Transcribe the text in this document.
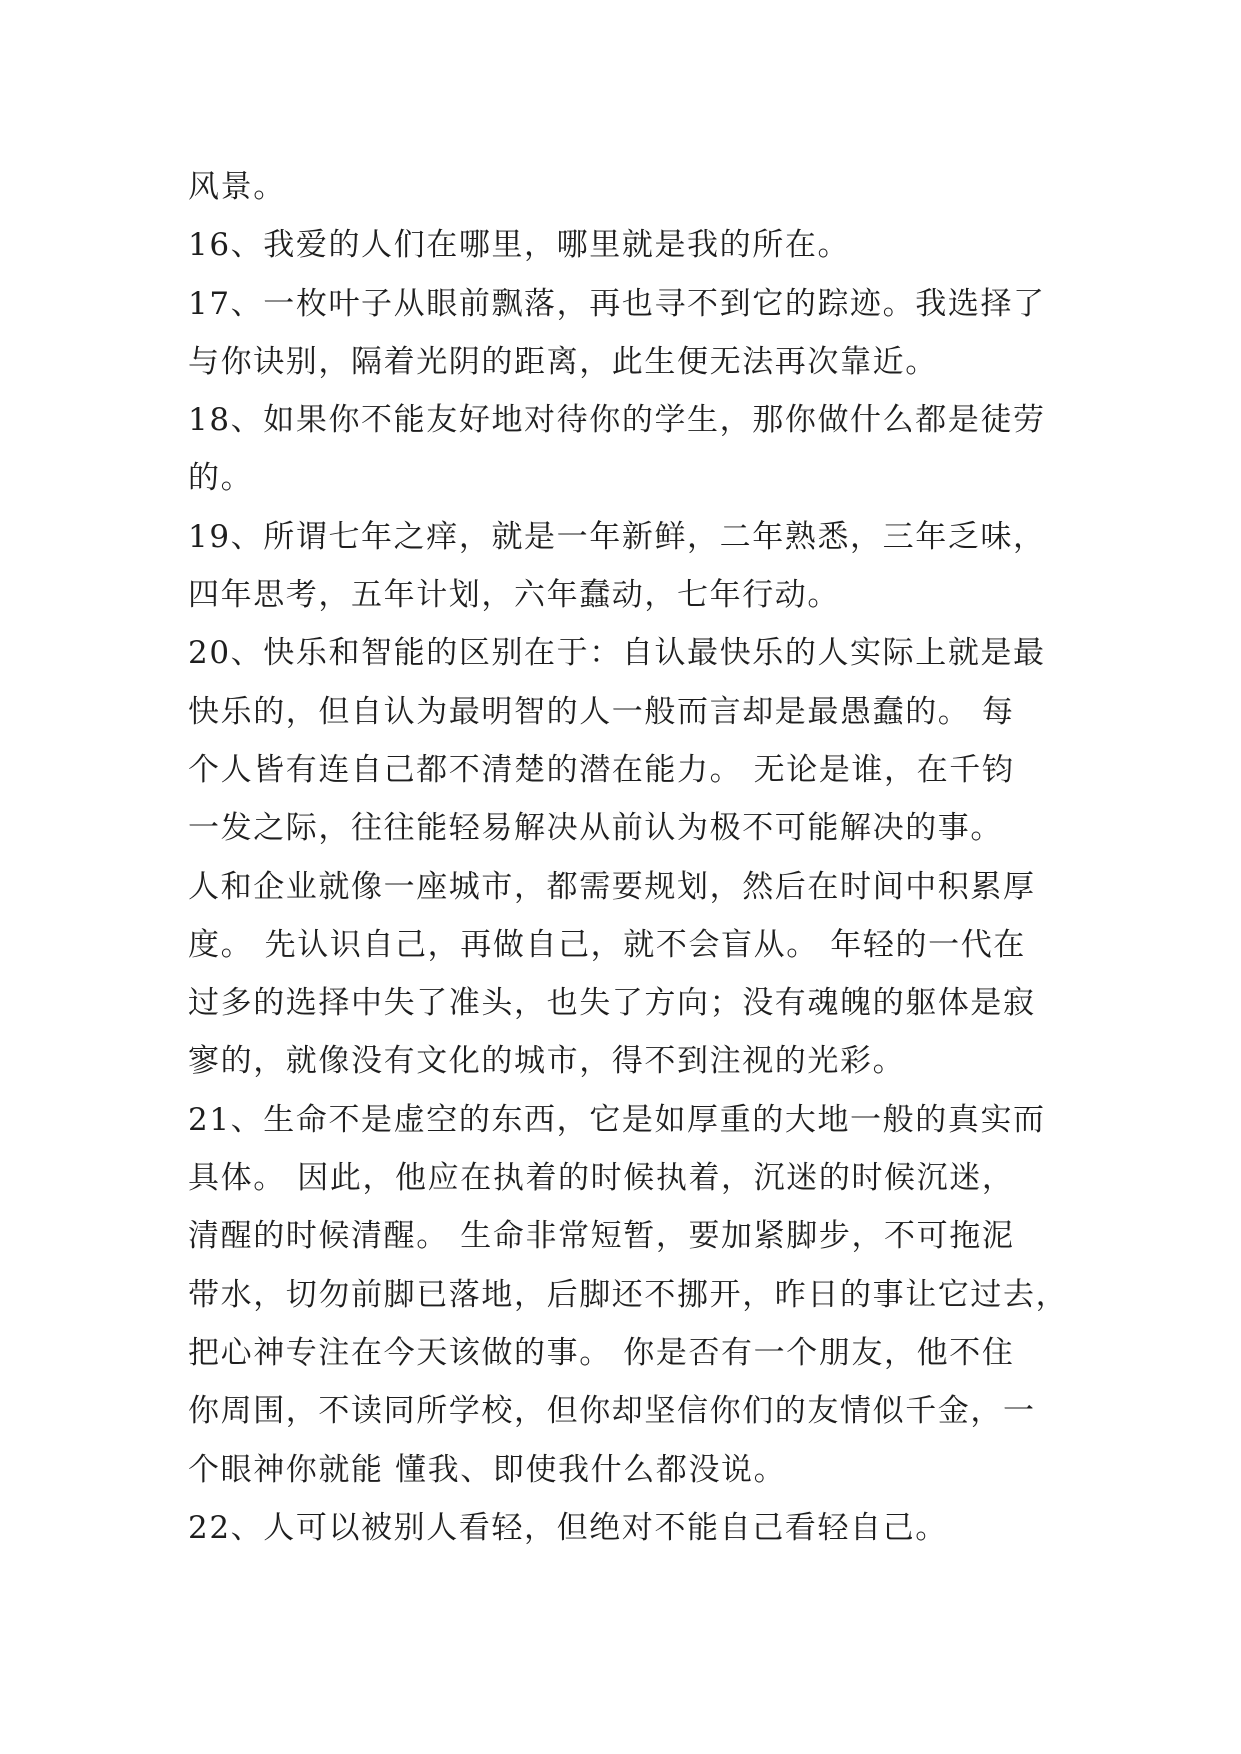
风景。
16、我爱的人们在哪里，哪里就是我的所在。
17、一枚叶子从眼前飘落，再也寻不到它的踪迹。我选择了
与你诀别，隔着光阴的距离，此生便无法再次靠近。
18、如果你不能友好地对待你的学生，那你做什么都是徒劳
的。
19、所谓七年之痒，就是一年新鲜，二年熟悉，三年乏味，
四年思考，五年计划，六年蠢动，七年行动。
20、快乐和智能的区别在于：自认最快乐的人实际上就是最
快乐的，但自认为最明智的人一般而言却是最愚蠢的。 每
个人皆有连自己都不清楚的潜在能力。 无论是谁，在千钧
一发之际，往往能轻易解决从前认为极不可能解决的事。
人和企业就像一座城市，都需要规划，然后在时间中积累厚
度。 先认识自己，再做自己，就不会盲从。 年轻的一代在
过多的选择中失了准头，也失了方向；没有魂魄的躯体是寂
寥的，就像没有文化的城市，得不到注视的光彩。
21、生命不是虚空的东西，它是如厚重的大地一般的真实而
具体。 因此，他应在执着的时候执着，沉迷的时候沉迷，
清醒的时候清醒。 生命非常短暂，要加紧脚步，不可拖泥
带水，切勿前脚已落地，后脚还不挪开，昨日的事让它过去，
把心神专注在今天该做的事。 你是否有一个朋友，他不住
你周围，不读同所学校，但你却坚信你们的友情似千金，一
个眼神你就能 懂我、即使我什么都没说。
22、人可以被别人看轻，但绝对不能自己看轻自己。
